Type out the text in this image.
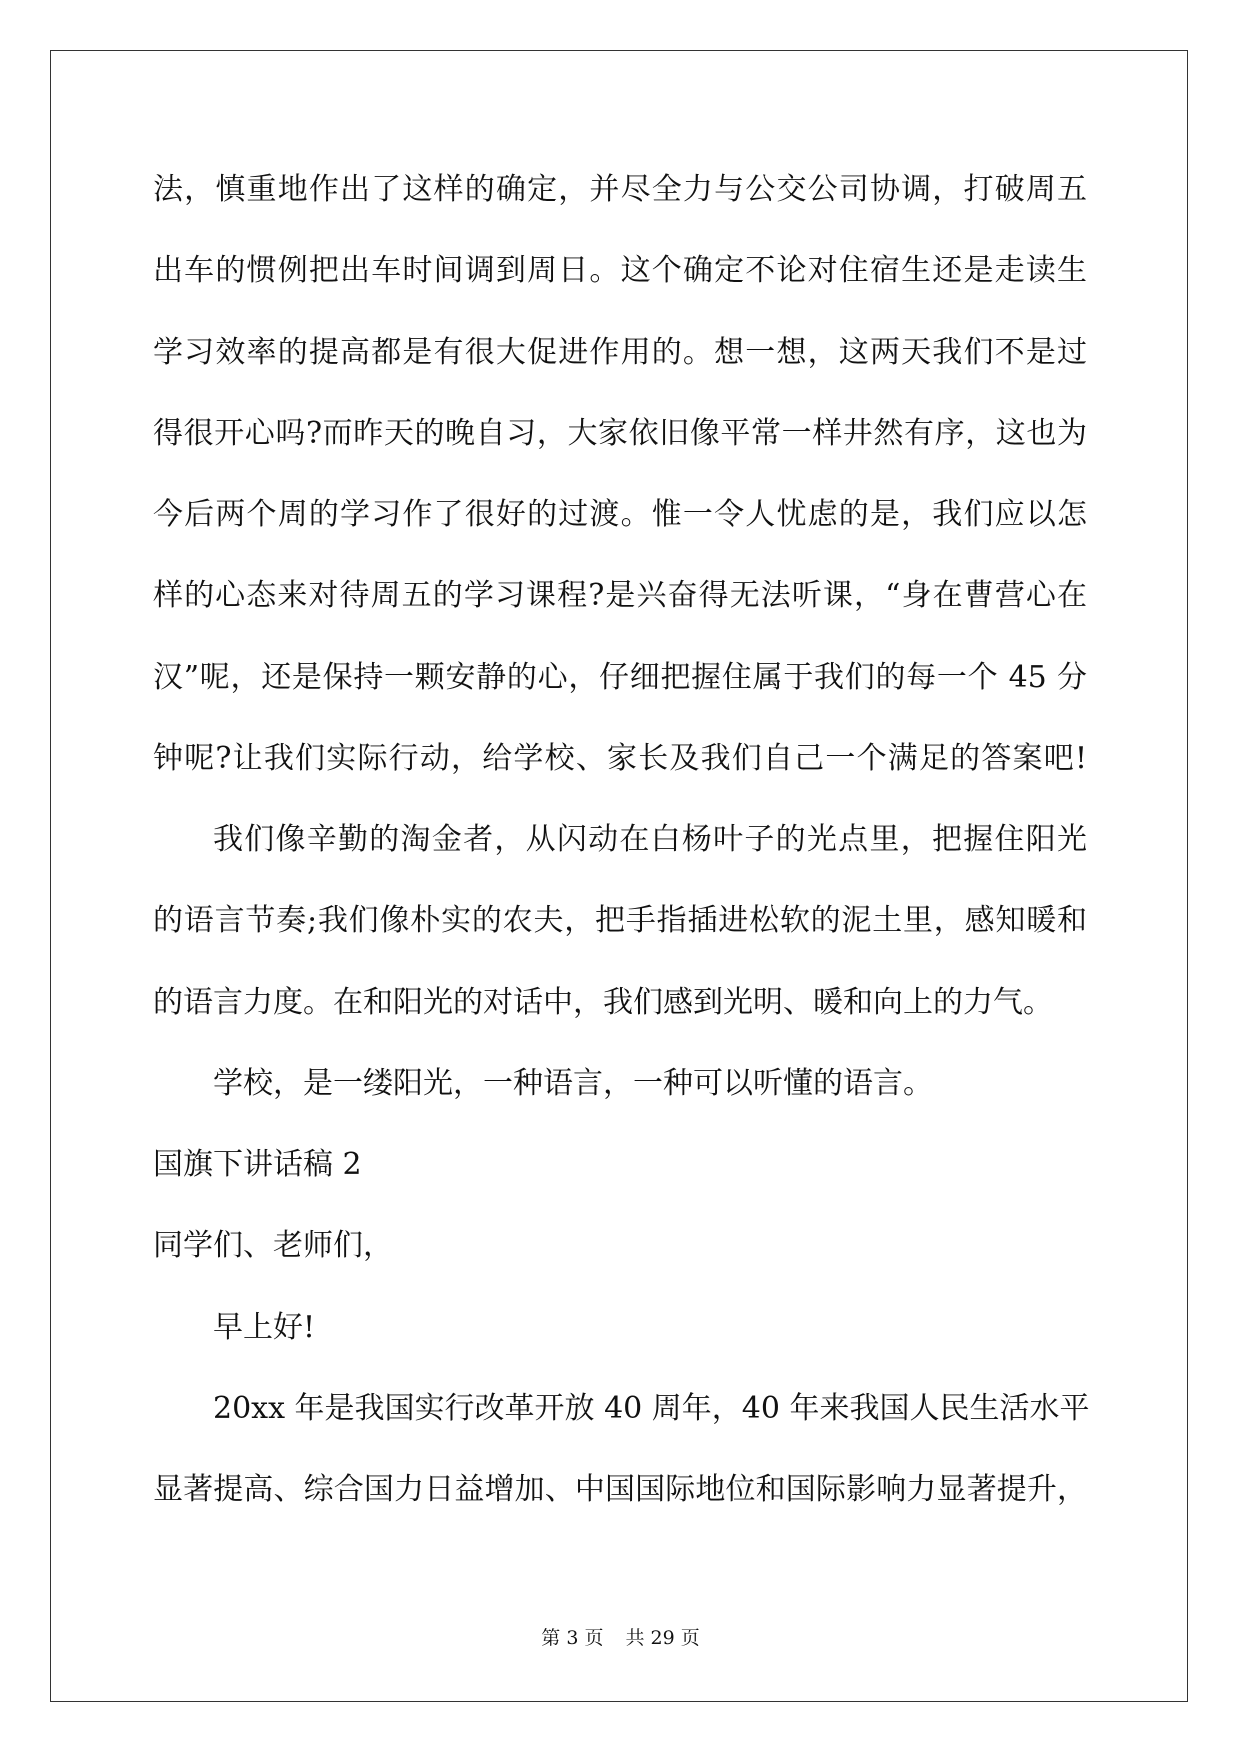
法，慎重地作出了这样的确定，并尽全力与公交公司协调，打破周五
出车的惯例把出车时间调到周日。这个确定不论对住宿生还是走读生
学习效率的提高都是有很大促进作用的。想一想，这两天我们不是过
得很开心吗?而昨天的晚自习，大家依旧像平常一样井然有序，这也为
今后两个周的学习作了很好的过渡。惟一令人忧虑的是，我们应以怎
样的心态来对待周五的学习课程?是兴奋得无法听课，“身在曹营心在
汉”呢，还是保持一颗安静的心，仔细把握住属于我们的每一个 45 分
钟呢?让我们实际行动，给学校、家长及我们自己一个满足的答案吧!
我们像辛勤的淘金者，从闪动在白杨叶子的光点里，把握住阳光
的语言节奏;我们像朴实的农夫，把手指插进松软的泥土里，感知暖和
的语言力度。在和阳光的对话中，我们感到光明、暖和向上的力气。
学校，是一缕阳光，一种语言，一种可以听懂的语言。
国旗下讲话稿 2
同学们、老师们，
早上好!
20xx 年是我国实行改革开放 40 周年，40 年来我国人民生活水平
显著提高、综合国力日益增加、中国国际地位和国际影响力显著提升，
第 3 页 共 29 页
